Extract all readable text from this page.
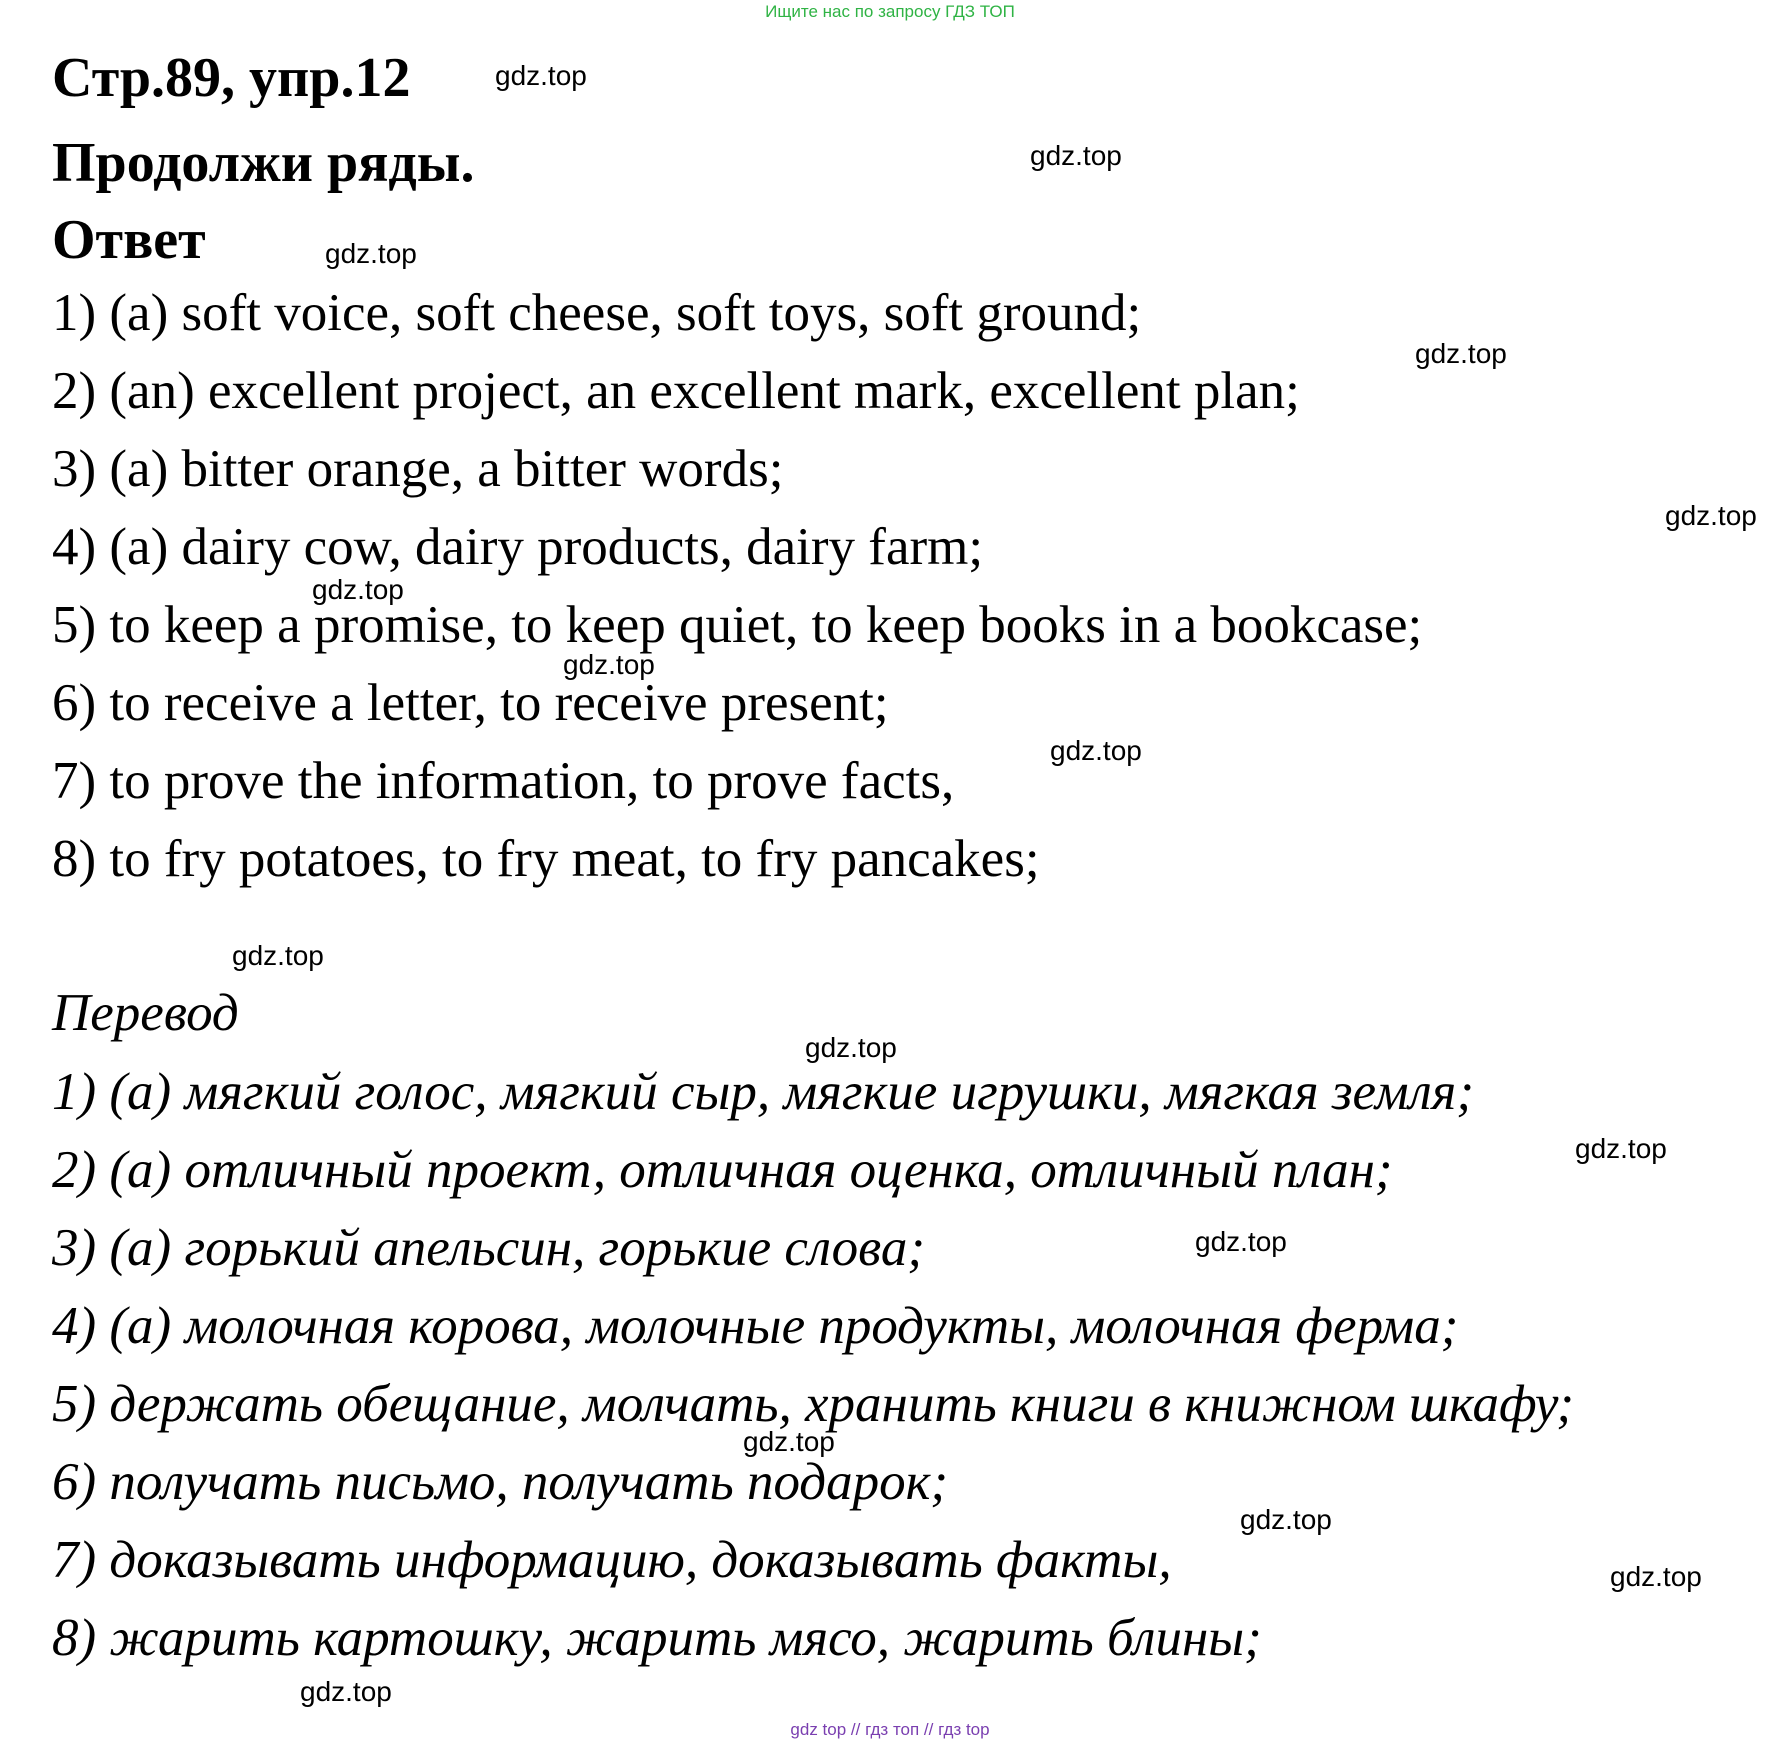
Ищите нас по запросу ГДЗ ТОП
Стр.89, упр.12
Продолжи ряды.
Ответ
1) (a) soft voice, soft cheese, soft toys, soft ground;
2) (an) excellent project, an excellent mark, excellent plan;
3) (a) bitter orange, a bitter words;
4) (a) dairy cow, dairy products, dairy farm;
5) to keep a promise, to keep quiet, to keep books in a bookcase;
6) to receive a letter, to receive present;
7) to prove the information, to prove facts,
8) to fry potatoes, to fry meat, to fry pancakes;
Перевод
1) (a) мягкий голос, мягкий сыр, мягкие игрушки, мягкая земля;
2) (a) отличный проект, отличная оценка, отличный план;
3) (a) горький апельсин, горькие слова;
4) (a) молочная корова, молочные продукты, молочная ферма;
5) держать обещание, молчать, хранить книги в книжном шкафу;
6) получать письмо, получать подарок;
7) доказывать информацию, доказывать факты,
8) жарить картошку, жарить мясо, жарить блины;
gdz.top
gdz.top
gdz.top
gdz.top
gdz.top
gdz.top
gdz.top
gdz.top
gdz.top
gdz.top
gdz.top
gdz.top
gdz.top
gdz.top
gdz.top
gdz.top
gdz top // гдз топ // гдз top
